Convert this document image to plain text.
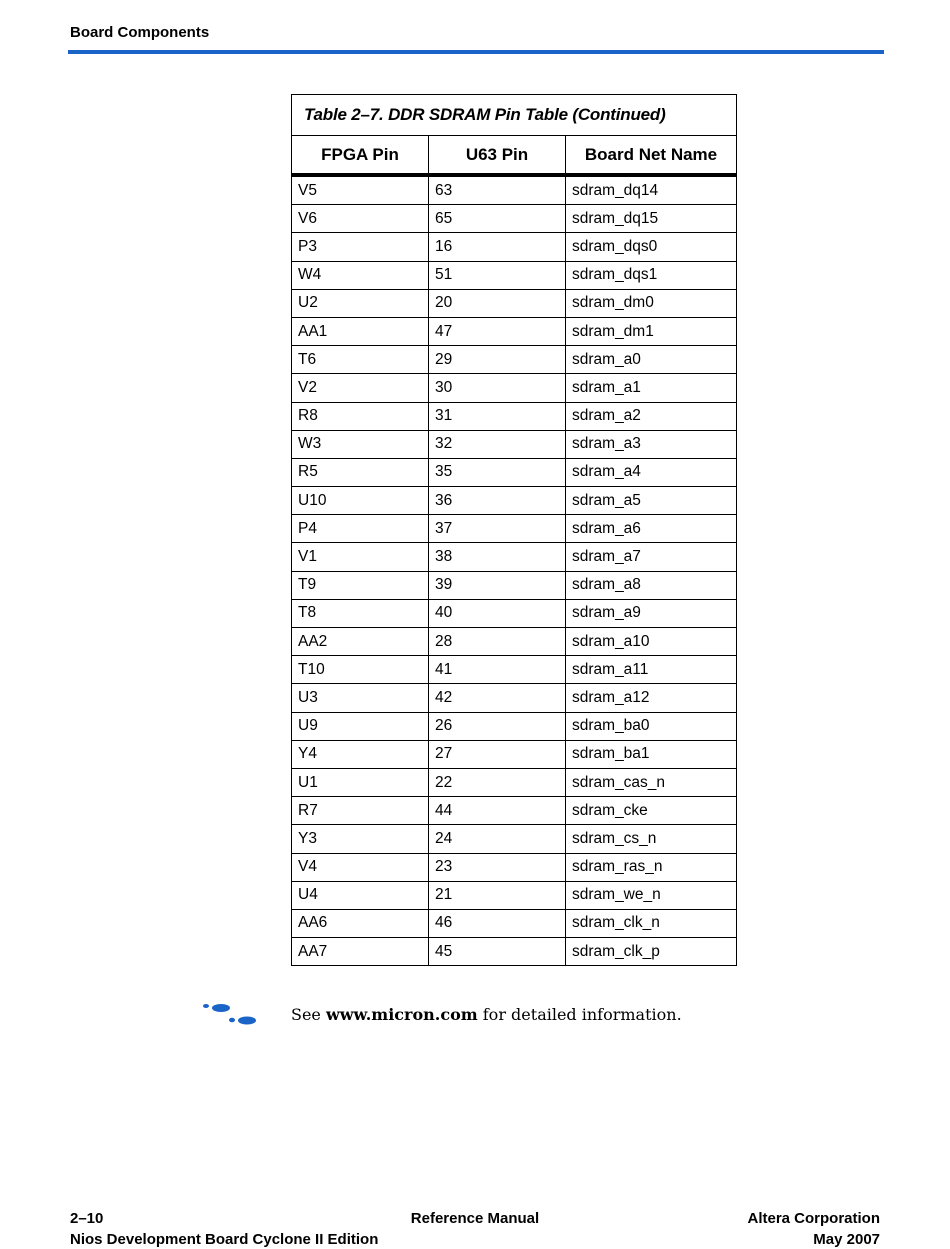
Board Components
Table 2–7. DDR SDRAM Pin Table (Continued)		
FPGA Pin	U63 Pin	Board Net Name
V5	63	sdram_dq14
V6	65	sdram_dq15
P3	16	sdram_dqs0
W4	51	sdram_dqs1
U2	20	sdram_dm0
AA1	47	sdram_dm1
T6	29	sdram_a0
V2	30	sdram_a1
R8	31	sdram_a2
W3	32	sdram_a3
R5	35	sdram_a4
U10	36	sdram_a5
P4	37	sdram_a6
V1	38	sdram_a7
T9	39	sdram_a8
T8	40	sdram_a9
AA2	28	sdram_a10
T10	41	sdram_a11
U3	42	sdram_a12
U9	26	sdram_ba0
Y4	27	sdram_ba1
U1	22	sdram_cas_n
R7	44	sdram_cke
Y3	24	sdram_cs_n
V4	23	sdram_ras_n
U4	21	sdram_we_n
AA6	46	sdram_clk_n
AA7	45	sdram_clk_p
See www.micron.com for detailed information.
2–10	Reference Manual	Altera Corporation
Nios Development Board Cyclone II Edition	May 2007
